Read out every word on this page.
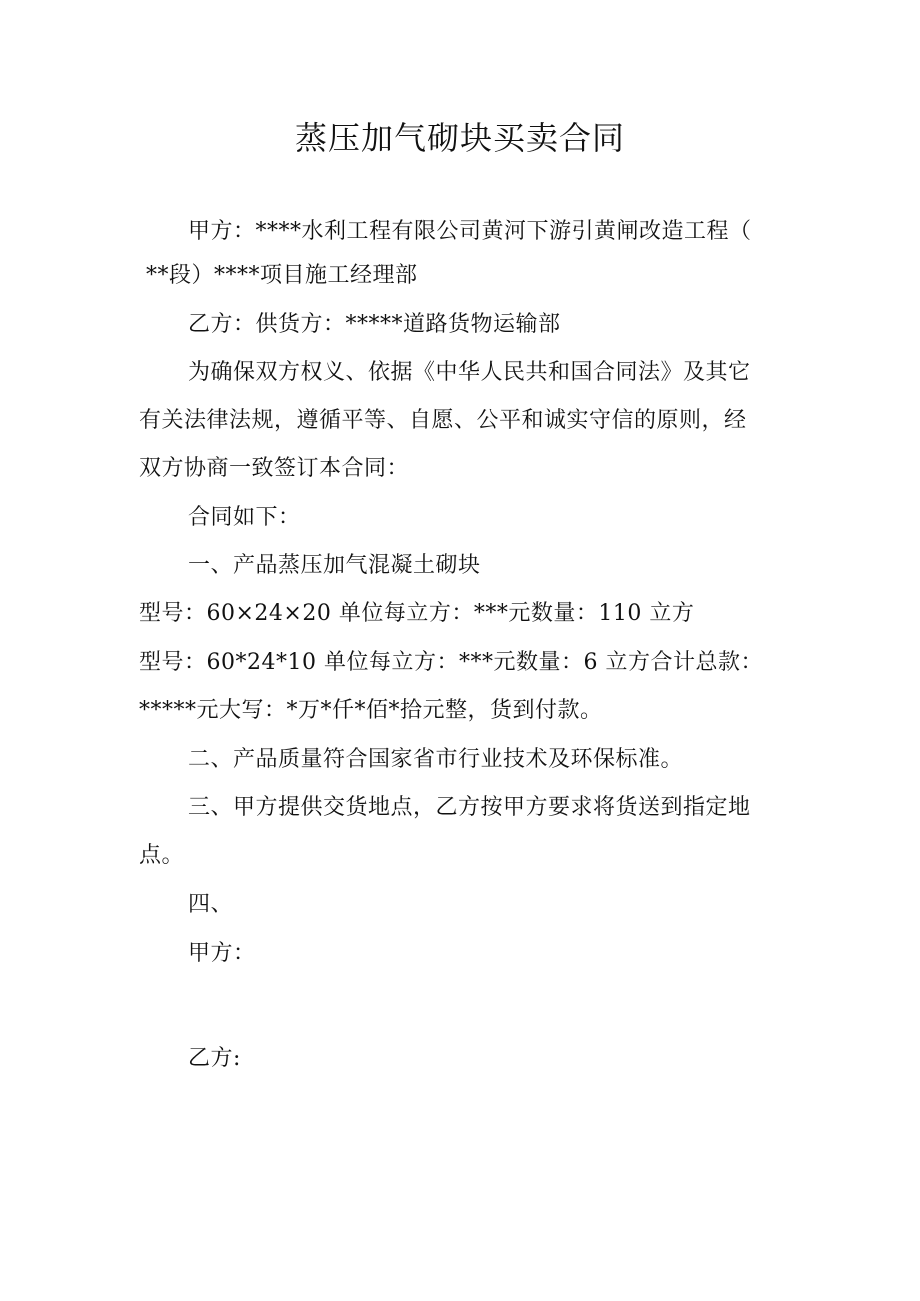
蒸压加气砌块买卖合同
甲方：****水利工程有限公司黄河下游引黄闸改造工程（
**段）****项目施工经理部
乙方：供货方：*****道路货物运输部
为确保双方权义、依据《中华人民共和国合同法》及其它
有关法律法规，遵循平等、自愿、公平和诚实守信的原则，经
双方协商一致签订本合同：
合同如下：
一、产品蒸压加气混凝土砌块
型号：60×24×20 单位每立方：***元数量：110 立方
型号：60*24*10 单位每立方：***元数量：6 立方合计总款：
*****元大写：*万*仟*佰*拾元整，货到付款。
二、产品质量符合国家省市行业技术及环保标准。
三、甲方提供交货地点，乙方按甲方要求将货送到指定地
点。
四、
甲方：
乙方:
